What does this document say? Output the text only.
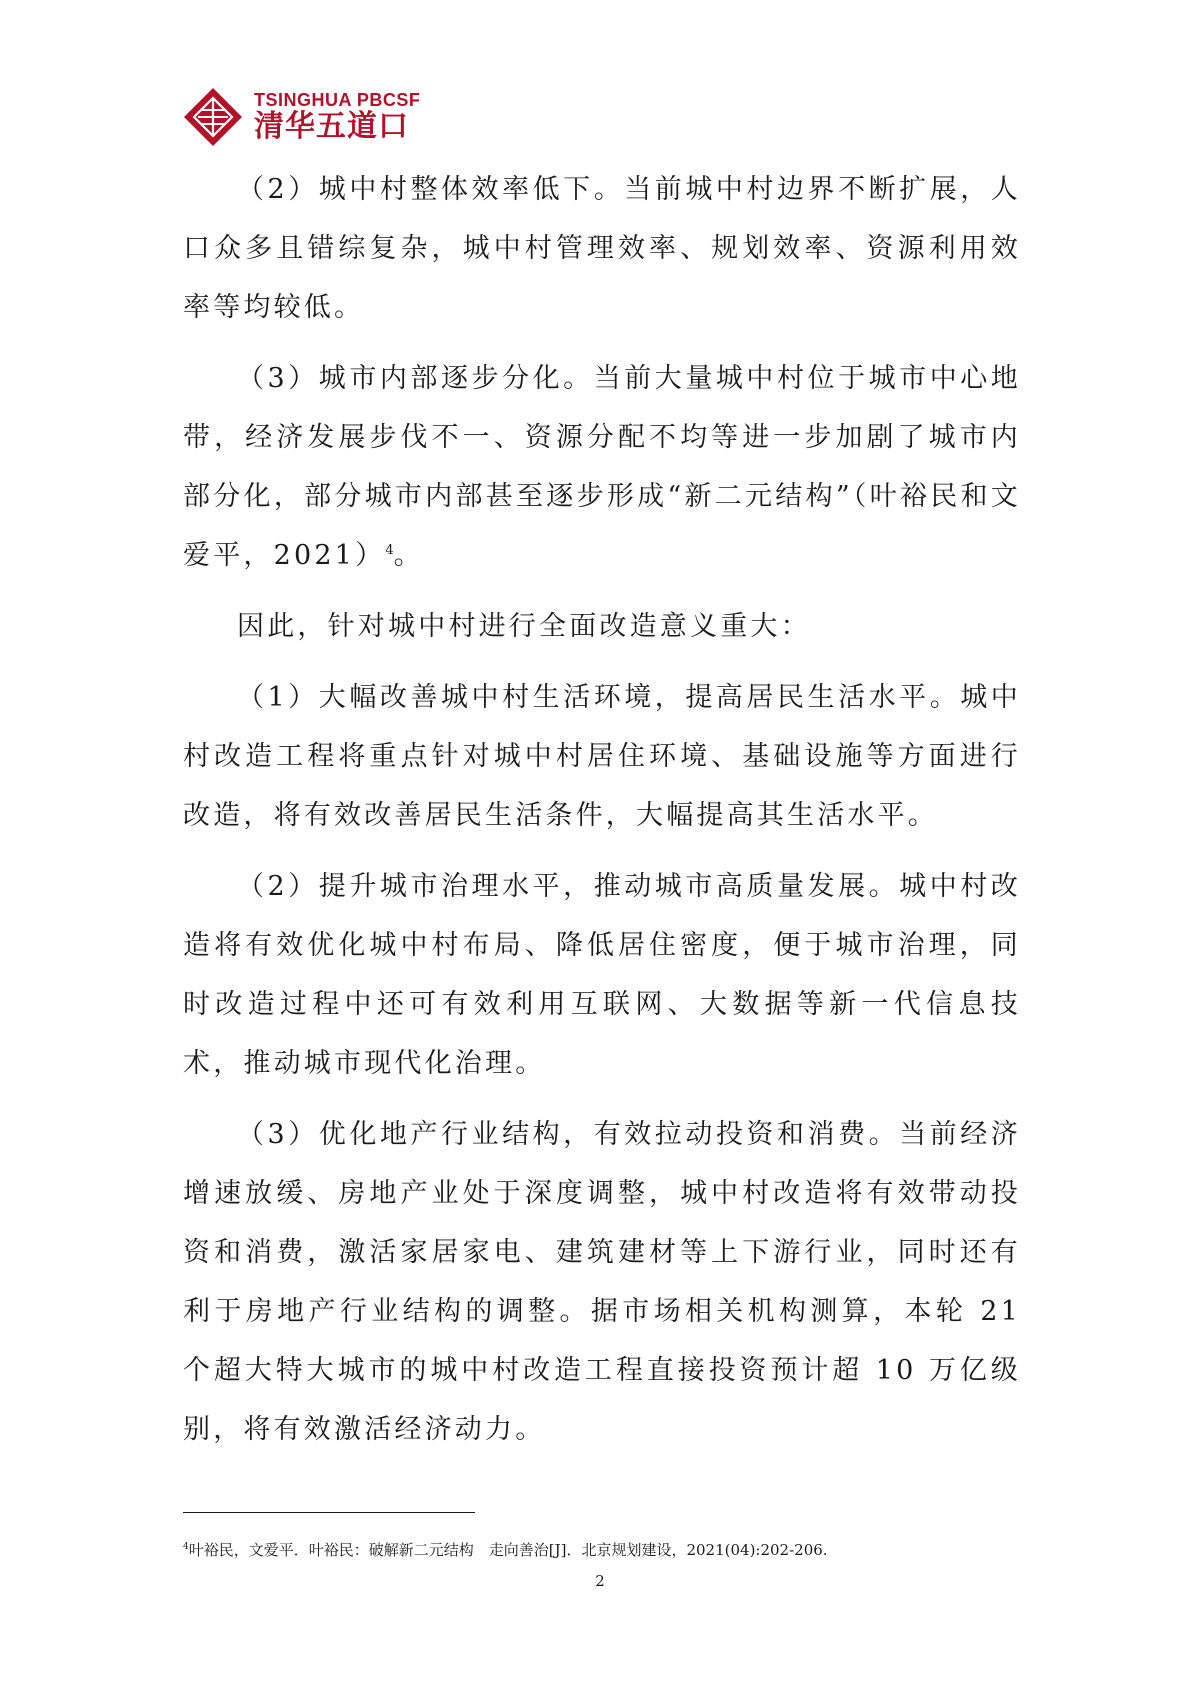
TSINGHUA PBCSF
清华五道口

（2）城中村整体效率低下。当前城中村边界不断扩展，人口众多且错综复杂，城中村管理效率、规划效率、资源利用效率等均较低。

（3）城市内部逐步分化。当前大量城中村位于城市中心地带，经济发展步伐不一、资源分配不均等进一步加剧了城市内部分化，部分城市内部甚至逐步形成“新二元结构”（叶裕民和文爱平，2021）$^4$。

因此，针对城中村进行全面改造意义重大：

（1）大幅改善城中村生活环境，提高居民生活水平。城中村改造工程将重点针对城中村居住环境、基础设施等方面进行改造，将有效改善居民生活条件，大幅提高其生活水平。

（2）提升城市治理水平，推动城市高质量发展。城中村改造将有效优化城中村布局、降低居住密度，便于城市治理，同时改造过程中还可有效利用互联网、大数据等新一代信息技术，推动城市现代化治理。

（3）优化地产行业结构，有效拉动投资和消费。当前经济增速放缓、房地产业处于深度调整，城中村改造将有效带动投资和消费，激活家居家电、建筑建材等上下游行业，同时还有利于房地产行业结构的调整。据市场相关机构测算，本轮 21 个超大特大城市的城中村改造工程直接投资预计超 10 万亿级别，将有效激活经济动力。

$^4$叶裕民，文爱平．叶裕民：破解新二元结构　走向善治[J]．北京规划建设，2021(04):202-206.
2
